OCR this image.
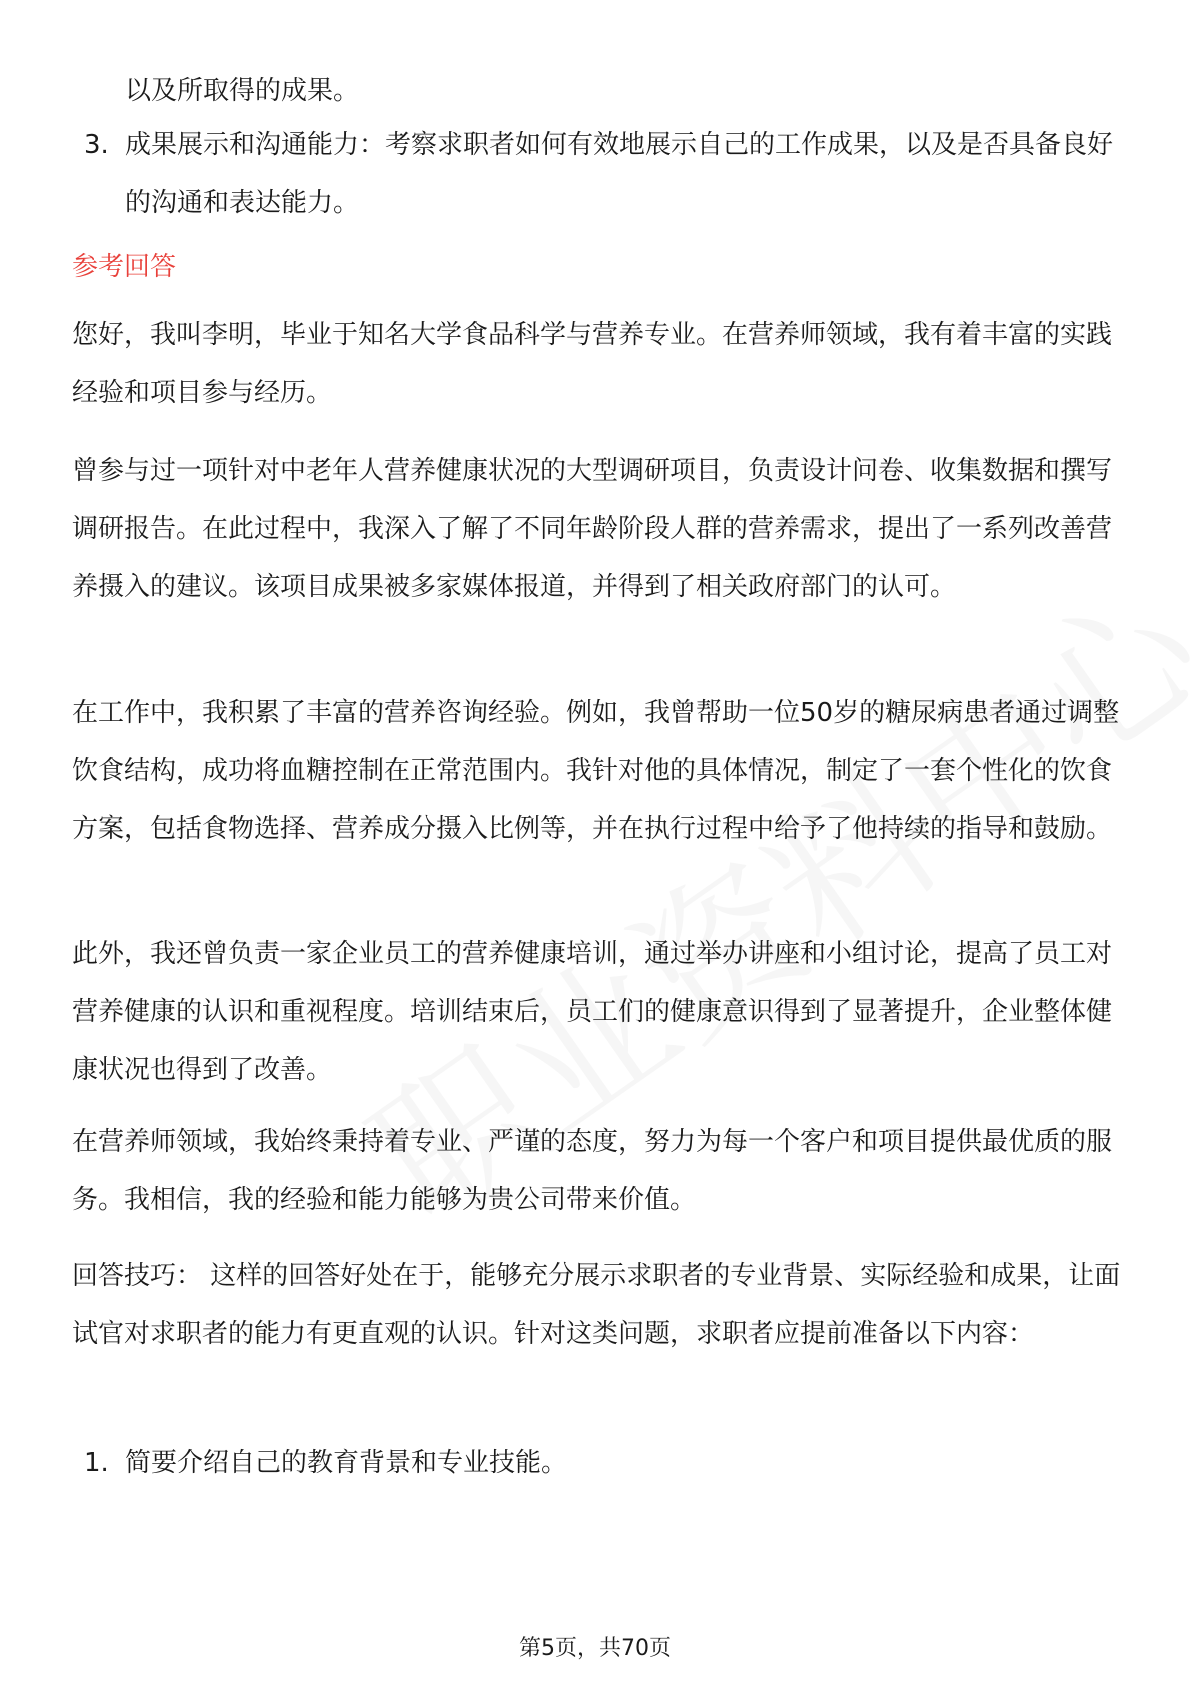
以及所取得的成果。

3. 成果展示和沟通能力：考察求职者如何有效地展示自己的工作成果，以及是否具备良好的沟通和表达能力。

参考回答

您好，我叫李明，毕业于知名大学食品科学与营养专业。在营养师领域，我有着丰富的实践经验和项目参与经历。

曾参与过一项针对中老年人营养健康状况的大型调研项目，负责设计问卷、收集数据和撰写调研报告。在此过程中，我深入了解了不同年龄阶段人群的营养需求，提出了一系列改善营养摄入的建议。该项目成果被多家媒体报道，并得到了相关政府部门的认可。

在工作中，我积累了丰富的营养咨询经验。例如，我曾帮助一位50岁的糖尿病患者通过调整饮食结构，成功将血糖控制在正常范围内。我针对他的具体情况，制定了一套个性化的饮食方案，包括食物选择、营养成分摄入比例等，并在执行过程中给予了他持续的指导和鼓励。

此外，我还曾负责一家企业员工的营养健康培训，通过举办讲座和小组讨论，提高了员工对营养健康的认识和重视程度。培训结束后，员工们的健康意识得到了显著提升，企业整体健康状况也得到了改善。

在营养师领域，我始终秉持着专业、严谨的态度，努力为每一个客户和项目提供最优质的服务。我相信，我的经验和能力能够为贵公司带来价值。

回答技巧： 这样的回答好处在于，能够充分展示求职者的专业背景、实际经验和成果，让面试官对求职者的能力有更直观的认识。针对这类问题，求职者应提前准备以下内容：

1. 简要介绍自己的教育背景和专业技能。

第5页，共70页
